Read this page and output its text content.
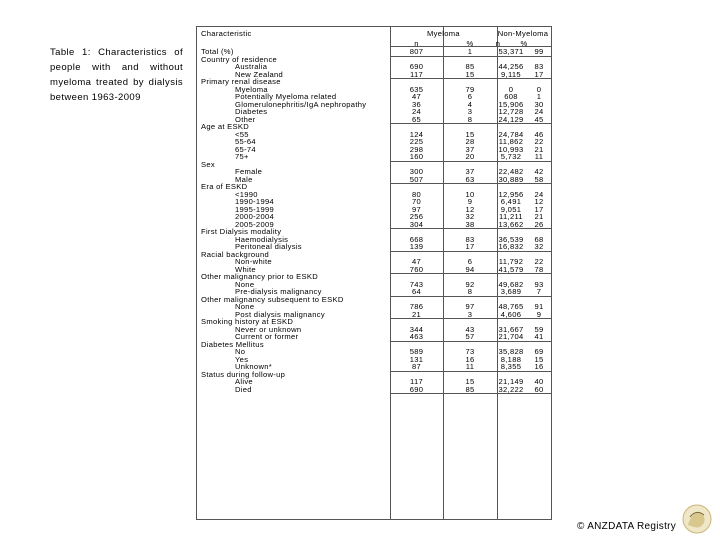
Table 1: Characteristics of people with and without myeloma treated by dialysis between 1963-2009
Characteristic	Myeloma	Non-Myeloma
n	%	n	%
Total (%)	807	1	53,371	99
Country of residence
Australia	690	85	44,256	83
New Zealand	117	15	9,115	17
Primary renal disease
Myeloma	635	79	0	0
Potentially Myeloma related	47	6	608	1
Glomerulonephritis/IgA nephropathy	36	4	15,906	30
Diabetes	24	3	12,728	24
Other	65	8	24,129	45
Age at ESKD
<55	124	15	24,784	46
55-64	225	28	11,862	22
65-74	298	37	10,993	21
75+	160	20	5,732	11
Sex
Female	300	37	22,482	42
Male	507	63	30,889	58
Era of ESKD
<1990	80	10	12,956	24
1990-1994	70	9	6,491	12
1995-1999	97	12	9,051	17
2000-2004	256	32	11,211	21
2005-2009	304	38	13,662	26
First Dialysis modality
Haemodialysis	668	83	36,539	68
Peritoneal dialysis	139	17	16,832	32
Racial background
Non-white	47	6	11,792	22
White	760	94	41,579	78
Other malignancy prior to ESKD
None	743	92	49,682	93
Pre-dialysis malignancy	64	8	3,689	7
Other malignancy subsequent to ESKD
None	786	97	48,765	91
Post dialysis malignancy	21	3	4,606	9
Smoking history at ESKD
Never or unknown	344	43	31,667	59
Current or former	463	57	21,704	41
Diabetes Mellitus
No	589	73	35,828	69
Yes	131	16	8,188	15
Unknown*	87	11	8,355	16
Status during follow-up
Alive	117	15	21,149	40
Died	690	85	32,222	60
© ANZDATA Registry
